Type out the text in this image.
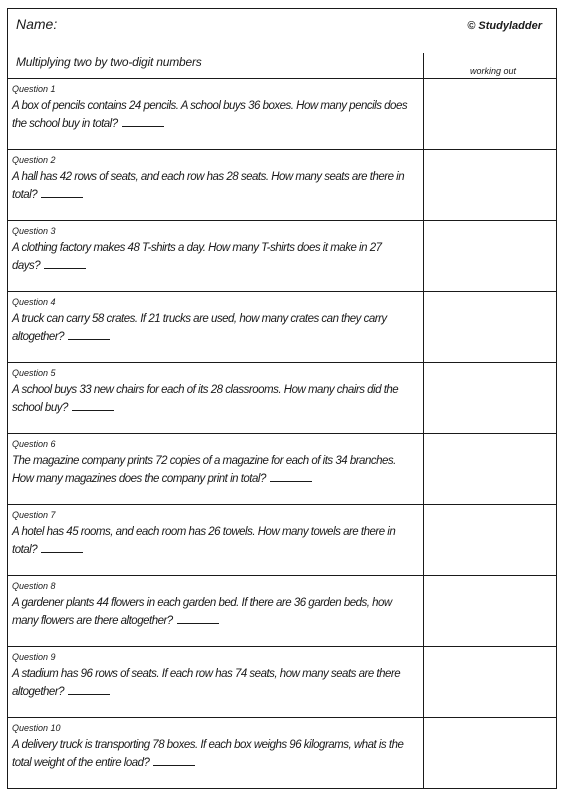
Name:	© Studyladder
Multiplying two by two-digit numbers
working out
Question 1
A box of pencils contains 24 pencils. A school buys 36 boxes. How many pencils does the school buy in total?
Question 2
A hall has 42 rows of seats, and each row has 28 seats. How many seats are there in total?
Question 3
A clothing factory makes 48 T-shirts a day. How many T-shirts does it make in 27 days?
Question 4
A truck can carry 58 crates. If 21 trucks are used, how many crates can they carry altogether?
Question 5
A school buys 33 new chairs for each of its 28 classrooms. How many chairs did the school buy?
Question 6
The magazine company prints 72 copies of a magazine for each of its 34 branches. How many magazines does the company print in total?
Question 7
A hotel has 45 rooms, and each room has 26 towels. How many towels are there in total?
Question 8
A gardener plants 44 flowers in each garden bed. If there are 36 garden beds, how many flowers are there altogether?
Question 9
A stadium has 96 rows of seats. If each row has 74 seats, how many seats are there altogether?
Question 10
A delivery truck is transporting 78 boxes. If each box weighs 96 kilograms, what is the total weight of the entire load?
